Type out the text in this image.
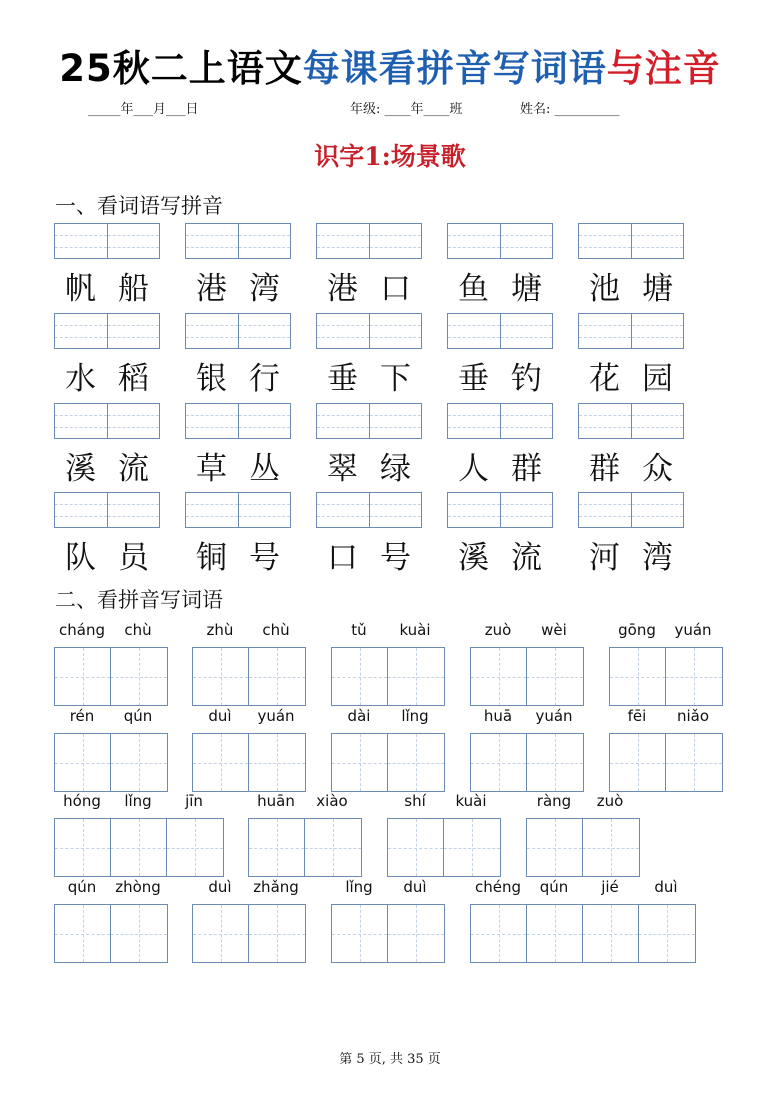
25秋二上语文每课看拼音写词语与注音
_____年___月___日	年级: ____年____班	姓名: __________
识字1:场景歌
一、看词语写拼音
帆 船 港 湾 港 口 鱼 塘 池 塘
水 稻 银 行 垂 下 垂 钓 花 园
溪 流 草 丛 翠 绿 人 群 群 众
队 员 铜 号 口 号 溪 流 河 湾
二、看拼音写词语
cháng	chù	zhù	chù	tǔ	kuài	zuò	wèi	gōng	yuán
rén	qún	duì	yuán	dài	lǐng	huā	yuán	fēi	niǎo
hóng	lǐng	jīn	huān	xiào	shí	kuài	ràng	zuò
qún	zhòng	duì	zhǎng	lǐng	duì	chéng	qún	jié	duì
第 5 页, 共 35 页
